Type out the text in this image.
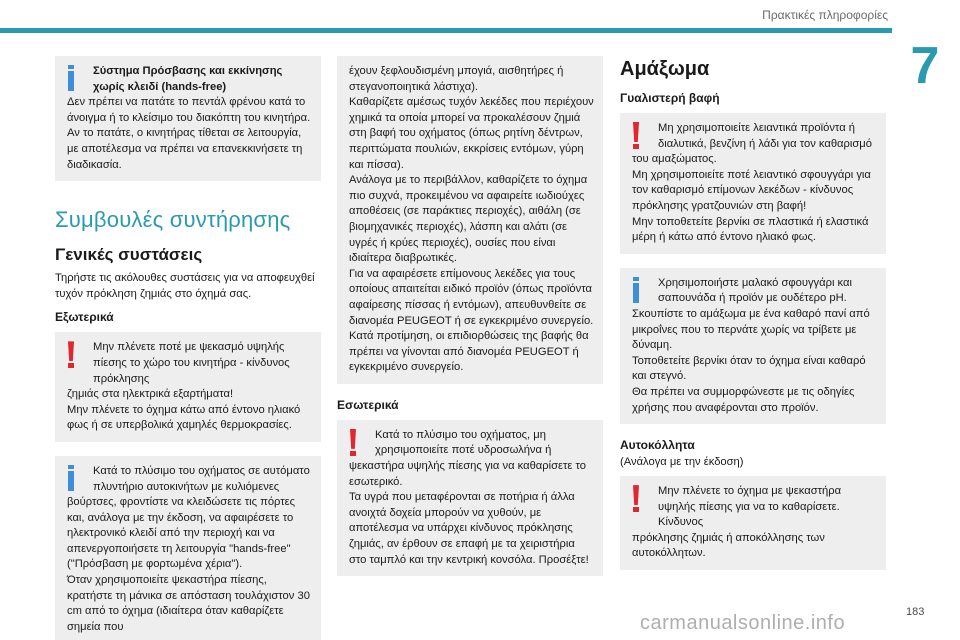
Πρακτικές πληροφορίες
7
183
carmanualsonline.info
Σύστημα Πρόσβασης και εκκίνησης χωρίς κλειδί (hands-free)
Δεν πρέπει να πατάτε το πεντάλ φρένου κατά το άνοιγμα ή το κλείσιμο του διακόπτη του κινητήρα.
Αν το πατάτε, ο κινητήρας τίθεται σε λειτουργία, με αποτέλεσμα να πρέπει να επανεκκινήσετε τη διαδικασία.
Συμβουλές συντήρησης
Γενικές συστάσεις
Τηρήστε τις ακόλουθες συστάσεις για να αποφευχθεί τυχόν πρόκληση ζημιάς στο όχημά σας.
Εξωτερικά
Μην πλένετε ποτέ με ψεκασμό υψηλής πίεσης το χώρο του κινητήρα - κίνδυνος πρόκλησης
ζημιάς στα ηλεκτρικά εξαρτήματα!
Μην πλένετε το όχημα κάτω από έντονο ηλιακό φως ή σε υπερβολικά χαμηλές θερμοκρασίες.
Κατά το πλύσιμο του οχήματος σε αυτόματο πλυντήριο αυτοκινήτων με κυλιόμενες
βούρτσες, φροντίστε να κλειδώσετε τις πόρτες και, ανάλογα με την έκδοση, να αφαιρέσετε το ηλεκτρονικό κλειδί από την περιοχή και να απενεργοποιήσετε τη λειτουργία "hands-free" ("Πρόσβαση με φορτωμένα χέρια").
Όταν χρησιμοποιείτε ψεκαστήρα πίεσης, κρατήστε τη μάνικα σε απόσταση τουλάχιστον 30 cm από το όχημα (ιδιαίτερα όταν καθαρίζετε σημεία που
έχουν ξεφλουδισμένη μπογιά, αισθητήρες ή στεγανοποιητικά λάστιχα).
Καθαρίζετε αμέσως τυχόν λεκέδες που περιέχουν χημικά τα οποία μπορεί να προκαλέσουν ζημιά στη βαφή του οχήματος (όπως ρητίνη δέντρων, περιττώματα πουλιών, εκκρίσεις εντόμων, γύρη και πίσσα).
Ανάλογα με το περιβάλλον, καθαρίζετε το όχημα πιο συχνά, προκειμένου να αφαιρείτε ιωδιούχες αποθέσεις (σε παράκτιες περιοχές), αιθάλη (σε βιομηχανικές περιοχές), λάσπη και αλάτι (σε υγρές ή κρύες περιοχές), ουσίες που είναι ιδιαίτερα διαβρωτικές.
Για να αφαιρέσετε επίμονους λεκέδες για τους οποίους απαιτείται ειδικό προϊόν (όπως προϊόντα αφαίρεσης πίσσας ή εντόμων), απευθυνθείτε σε διανομέα PEUGEOT ή σε εγκεκριμένο συνεργείο.
Κατά προτίμηση, οι επιδιορθώσεις της βαφής θα πρέπει να γίνονται από διανομέα PEUGEOT ή εγκεκριμένο συνεργείο.
Εσωτερικά
Κατά το πλύσιμο του οχήματος, μη χρησιμοποιείτε ποτέ υδροσωλήνα ή
ψεκαστήρα υψηλής πίεσης για να καθαρίσετε το εσωτερικό.
Τα υγρά που μεταφέρονται σε ποτήρια ή άλλα ανοιχτά δοχεία μπορούν να χυθούν, με αποτέλεσμα να υπάρχει κίνδυνος πρόκλησης ζημιάς, αν έρθουν σε επαφή με τα χειριστήρια στο ταμπλό και την κεντρική κονσόλα. Προσέξτε!
Αμάξωμα
Γυαλιστερή βαφή
Μη χρησιμοποιείτε λειαντικά προϊόντα ή διαλυτικά, βενζίνη ή λάδι για τον καθαρισμό
του αμαξώματος.
Μη χρησιμοποιείτε ποτέ λειαντικό σφουγγάρι για τον καθαρισμό επίμονων λεκέδων - κίνδυνος πρόκλησης γρατζουνιών στη βαφή!
Μην τοποθετείτε βερνίκι σε πλαστικά ή ελαστικά μέρη ή κάτω από έντονο ηλιακό φως.
Χρησιμοποιήστε μαλακό σφουγγάρι και σαπουνάδα ή προϊόν με ουδέτερο pH.
Σκουπίστε το αμάξωμα με ένα καθαρό πανί από μικροΐνες που το περνάτε χωρίς να τρίβετε με δύναμη.
Τοποθετείτε βερνίκι όταν το όχημα είναι καθαρό και στεγνό.
Θα πρέπει να συμμορφώνεστε με τις οδηγίες χρήσης που αναφέρονται στο προϊόν.
Αυτοκόλλητα
(Ανάλογα με την έκδοση)
Μην πλένετε το όχημα με ψεκαστήρα υψηλής πίεσης για να το καθαρίσετε. Κίνδυνος
πρόκλησης ζημιάς ή αποκόλλησης των αυτοκόλλητων.
